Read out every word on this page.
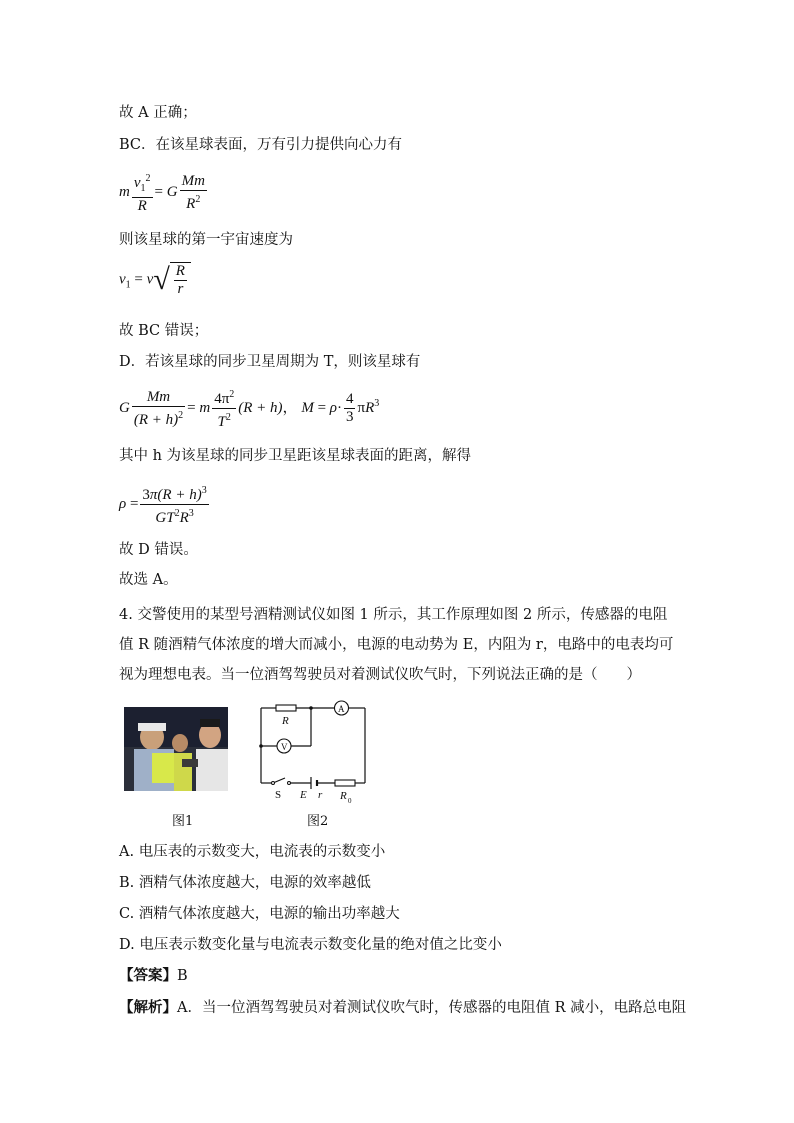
故 A 正确；
BC．在该星球表面，万有引力提供向心力有
m $\frac{v_1^2}{R} = G \frac{Mm}{R^2}$
则该星球的第一宇宙速度为
$v_1 = v√ \frac{R}{r}$
故 BC 错误；
D．若该星球的同步卫星周期为 T，则该星球有
G $\frac{Mm}{(R + h)^2} = m \frac{4\pi^2}{T^2} (R + h)$， $M = \rho\cdot \frac{4}{3} \pi R^3$
其中 h 为该星球的同步卫星距该星球表面的距离，解得
$\rho = \frac{3\pi(R + h)^3}{GT^2R^3}$
故 D 错误。
故选 A。
4. 交警使用的某型号酒精测试仪如图 1 所示，其工作原理如图 2 所示，传感器的电阻值 R 随酒精气体浓度的增大而减小，电源的电动势为 E，内阻为 r，电路中的电表均可视为理想电表。当一位酒驾驾驶员对着测试仪吹气时，下列说法正确的是（　　）
A
V
R
S E r R 0
图1	图2
A. 电压表的示数变大，电流表的示数变小
B. 酒精气体浓度越大，电源的效率越低
C. 酒精气体浓度越大，电源的输出功率越大
D. 电压表示数变化量与电流表示数变化量的绝对值之比变小
【答案】B
【解析】A．当一位酒驾驾驶员对着测试仪吹气时，传感器的电阻值 R 减小，电路总电阻
